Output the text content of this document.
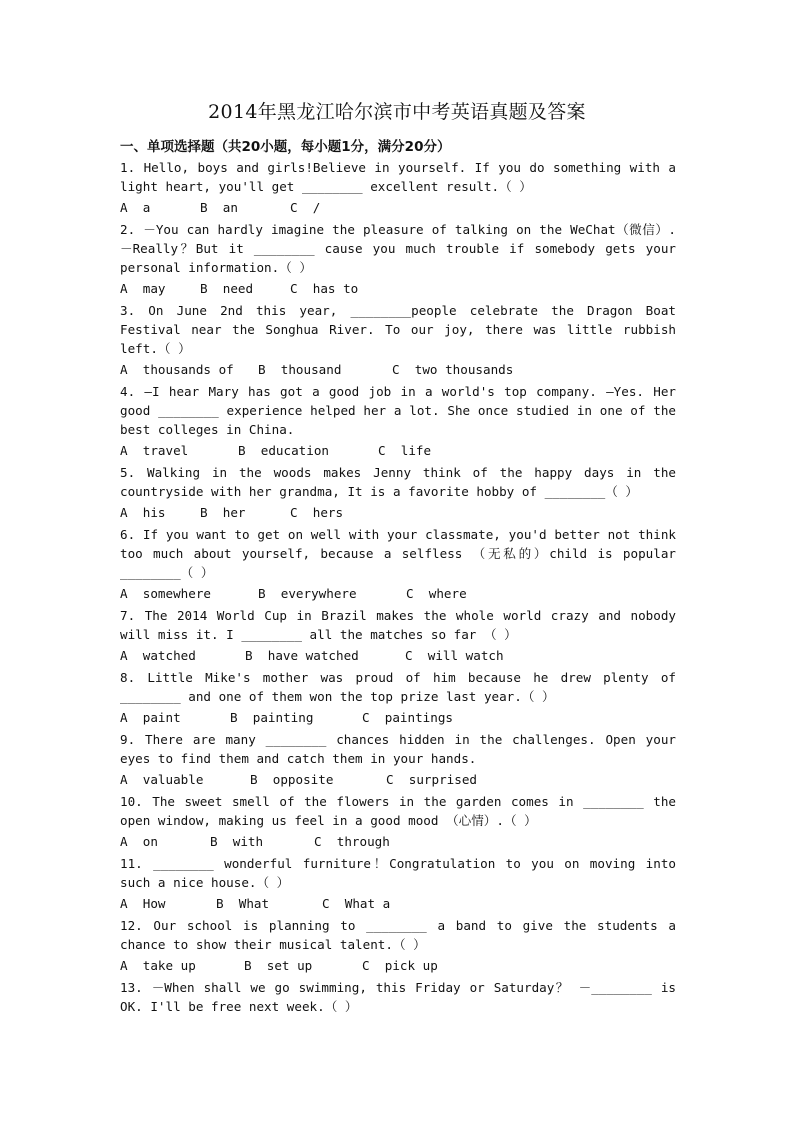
2014年黑龙江哈尔滨市中考英语真题及答案
一、单项选择题（共20小题，每小题1分，满分20分）

1. Hello, boys and girls!Believe in yourself. If you do something with a light heart, you'll get ________ excellent result.（ ）

A  a	B  an	C  /

2. －You can hardly imagine the pleasure of talking on the WeChat（微信）. －Really？But it ________ cause you much trouble if somebody gets your personal information.（ ）

A  may	B  need	C  has to

3. On June 2nd this year, ________people celebrate the Dragon Boat Festival near the Songhua River. To our joy, there was little rubbish left.（ ）

A  thousands of B  thousand	C  two thousands

4. —I hear Mary has got a good job in a world's top company. —Yes. Her good ________ experience helped her a lot. She once studied in one of the best colleges in China.

A  travel	B  education	C  life

5. Walking in the woods makes Jenny think of the happy days in the countryside with her grandma, It is a favorite hobby of ________（ ）

A  his	B  her	C  hers

6. If you want to get on well with your classmate, you'd better not think too much about yourself, because a selfless （无私的）child is popular ________（ ）

A  somewhere	B  everywhere	C  where

7. The 2014 World Cup in Brazil makes the whole world crazy and nobody will miss it. I ________ all the matches so far （ ）

A  watched	B  have watched	C  will watch

8. Little Mike's mother was proud of him because he drew plenty of ________ and one of them won the top prize last year.（ ）

A  paint	B  painting	C  paintings

9. There are many ________ chances hidden in the challenges. Open your eyes to find them and catch them in your hands.

A  valuable	B  opposite	C  surprised

10. The sweet smell of the flowers in the garden comes in ________ the open window, making us feel in a good mood （心情）.（ ）

A  on	B  with	C  through

11. ________ wonderful furniture！Congratulation to you on moving into such a nice house.（ ）

A  How	B  What	C  What a

12. Our school is planning to ________ a band to give the students a chance to show their musical talent.（ ）

A  take up	B  set up	C  pick up

13. －When shall we go swimming, this Friday or Saturday？ －________ is OK. I'll be free next week.（ ）
